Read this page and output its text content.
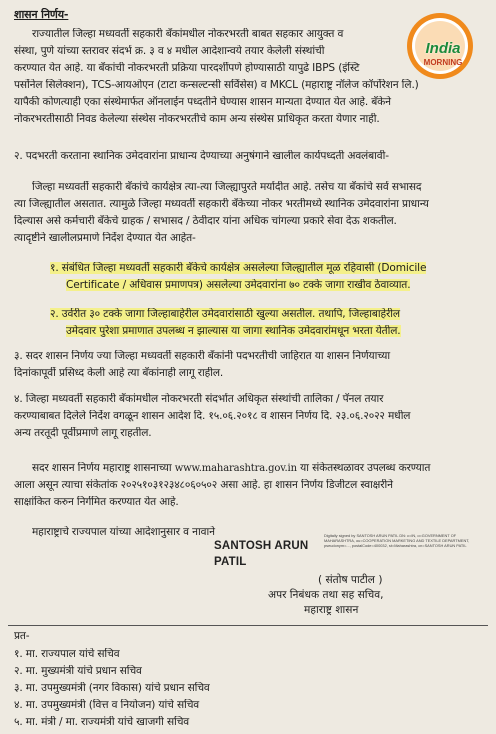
शासन निर्णय-
India
MORNING
राज्यातील जिल्हा मध्यवर्ती सहकारी बँकांमधील नोकरभरती बाबत सहकार आयुक्त व
संस्था, पुणे यांच्या स्तरावर संदर्भ क्र. ३ व ४ मधील आदेशान्वये तयार केलेली संस्थांची
करण्यात येत आहे. या बँकांची नोकरभरती प्रक्रिया पारदर्शीपणे होण्यासाठी यापुढे IBPS (इंस्टि
पर्सोनेल सिलेक्शन), TCS-आयओएन (टाटा कन्सल्टन्सी सर्विसेस) व MKCL (महाराष्ट्र नॉलेज कॉर्पोरेशन लि.)
यापैकी कोणत्याही एका संस्थेमार्फत ऑनलाईन पध्दतीने घेण्यास शासन मान्यता देण्यात येत आहे. बँकेने
नोकरभरतीसाठी निवड केलेल्या संस्थेस नोकरभरतीचे काम अन्य संस्थेस प्राधिकृत करता येणार नाही.
२. पदभरती करताना स्थानिक उमेदवारांना प्राधान्य देण्याच्या अनुषंगाने खालील कार्यपध्दती अवलंबावी-
जिल्हा मध्यवर्ती सहकारी बँकांचे कार्यक्षेत्र त्या-त्या जिल्ह्यापुरते मर्यादीत आहे. तसेच या बँकांचे सर्व सभासद
त्या जिल्ह्यातील असतात. त्यामुळे जिल्हा मध्यवर्ती सहकारी बँकेच्या नोकर भरतीमध्ये स्थानिक उमेदवारांना प्राधान्य
दिल्यास असे कर्मचारी बँकेचे ग्राहक / सभासद / ठेवीदार यांना अधिक चांगल्या प्रकारे सेवा देऊ शकतील.
त्यादृष्टीने खालीलप्रमाणे निर्देश देण्यात येत आहेत-
१. संबंधित जिल्हा मध्यवर्ती सहकारी बँकेचे कार्यक्षेत्र असलेल्या जिल्ह्यातील मूळ रहिवासी (Domicile
Certificate / अधिवास प्रमाणपत्र) असलेल्या उमेदवारांना ७० टक्के जागा राखीव ठेवाव्यात.
२. उर्वरीत ३० टक्के जागा जिल्हाबाहेरील उमेदवारांसाठी खुल्या असतील. तथापि, जिल्हाबाहेरील
उमेदवार पुरेशा प्रमाणात उपलब्ध न झाल्यास या जागा स्थानिक उमेदवारांमधून भरता येतील.
३. सदर शासन निर्णय ज्या जिल्हा मध्यवर्ती सहकारी बँकांनी पदभरतीची जाहिरात या शासन निर्णयाच्या
दिनांकापूर्वी प्रसिध्द केली आहे त्या बँकांनाही लागू राहील.
४. जिल्हा मध्यवर्ती सहकारी बँकांमधील नोकरभरती संदर्भात अधिकृत संस्थांची तालिका / पॅनल तयार
करण्याबाबत दिलेले निर्देश वगळून शासन आदेश दि. १५.०६.२०१८ व शासन निर्णय दि. २३.०६.२०२२ मधील
अन्य तरतूदी पूर्वीप्रमाणे लागू राहतील.
सदर शासन निर्णय महाराष्ट्र शासनाच्या www.maharashtra.gov.in या संकेतस्थळावर उपलब्ध करण्यात
आला असून त्याचा संकेतांक २०२५१०३१२३४८०६०५०२ असा आहे. हा शासन निर्णय डिजीटल स्वाक्षरीने
साक्षांकित करुन निर्गमित करण्यात येत आहे.
महाराष्ट्राचे राज्यपाल यांच्या आदेशानुसार व नावाने
SANTOSH ARUN
PATIL
Digitally signed by SANTOSH ARUN PATIL DN: c=IN, o=GOVERNMENT OF MAHARASHTRA, ou=COOPERATION MARKETING AND TEXTILE DEPARTMENT, pseudonym=..., postalCode=400032, st=Maharashtra, cn=SANTOSH ARUN PATIL
( संतोष पाटील )
अपर निबंधक तथा सह सचिव,
महाराष्ट्र शासन
प्रत-
१. मा. राज्यपाल यांचे सचिव
२. मा. मुख्यमंत्री यांचे प्रधान सचिव
३. मा. उपमुख्यमंत्री (नगर विकास) यांचे प्रधान सचिव
४. मा. उपमुख्यमंत्री (वित्त व नियोजन) यांचे सचिव
५. मा. मंत्री / मा. राज्यमंत्री यांचे खाजगी सचिव
